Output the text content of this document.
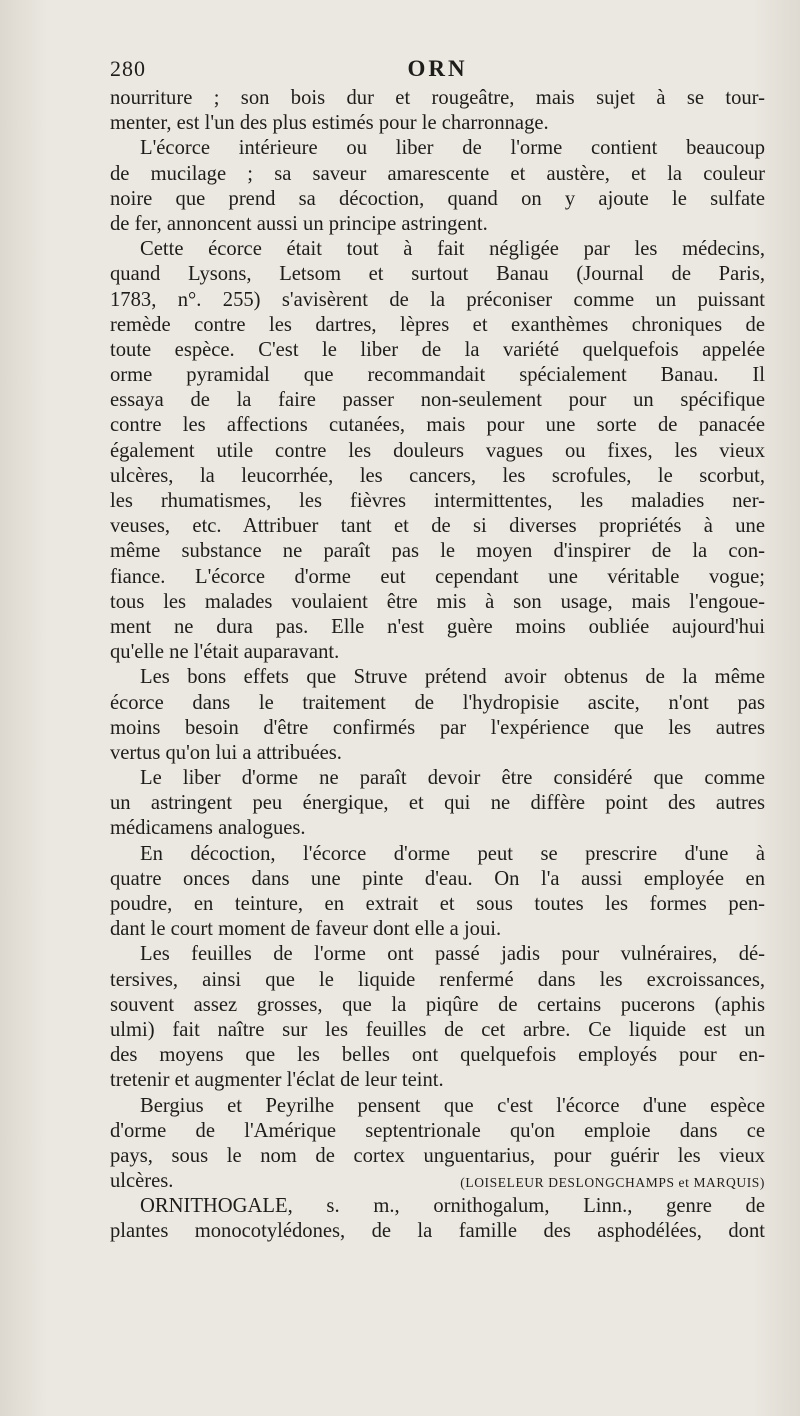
280	ORN
nourriture ; son bois dur et rougeâtre, mais sujet à se tour-
menter, est l'un des plus estimés pour le charronnage.
L'écorce intérieure ou liber de l'orme contient beaucoup
de mucilage ; sa saveur amarescente et austère, et la couleur
noire que prend sa décoction, quand on y ajoute le sulfate
de fer, annoncent aussi un principe astringent.
Cette écorce était tout à fait négligée par les médecins,
quand Lysons, Letsom et surtout Banau (Journal de Paris,
1783, n°. 255) s'avisèrent de la préconiser comme un puissant
remède contre les dartres, lèpres et exanthèmes chroniques de
toute espèce. C'est le liber de la variété quelquefois appelée
orme pyramidal que recommandait spécialement Banau. Il
essaya de la faire passer non-seulement pour un spécifique
contre les affections cutanées, mais pour une sorte de panacée
également utile contre les douleurs vagues ou fixes, les vieux
ulcères, la leucorrhée, les cancers, les scrofules, le scorbut,
les rhumatismes, les fièvres intermittentes, les maladies ner-
veuses, etc. Attribuer tant et de si diverses propriétés à une
même substance ne paraît pas le moyen d'inspirer de la con-
fiance. L'écorce d'orme eut cependant une véritable vogue;
tous les malades voulaient être mis à son usage, mais l'engoue-
ment ne dura pas. Elle n'est guère moins oubliée aujourd'hui
qu'elle ne l'était auparavant.
Les bons effets que Struve prétend avoir obtenus de la même
écorce dans le traitement de l'hydropisie ascite, n'ont pas
moins besoin d'être confirmés par l'expérience que les autres
vertus qu'on lui a attribuées.
Le liber d'orme ne paraît devoir être considéré que comme
un astringent peu énergique, et qui ne diffère point des autres
médicamens analogues.
En décoction, l'écorce d'orme peut se prescrire d'une à
quatre onces dans une pinte d'eau. On l'a aussi employée en
poudre, en teinture, en extrait et sous toutes les formes pen-
dant le court moment de faveur dont elle a joui.
Les feuilles de l'orme ont passé jadis pour vulnéraires, dé-
tersives, ainsi que le liquide renfermé dans les excroissances,
souvent assez grosses, que la piqûre de certains pucerons (aphis
ulmi) fait naître sur les feuilles de cet arbre. Ce liquide est un
des moyens que les belles ont quelquefois employés pour en-
tretenir et augmenter l'éclat de leur teint.
Bergius et Peyrilhe pensent que c'est l'écorce d'une espèce
d'orme de l'Amérique septentrionale qu'on emploie dans ce
pays, sous le nom de cortex unguentarius, pour guérir les vieux
ulcères.	(LOISELEUR DESLONGCHAMPS et MARQUIS)
ORNITHOGALE, s. m., ornithogalum, Linn., genre de
plantes monocotylédones, de la famille des asphodélées, dont
